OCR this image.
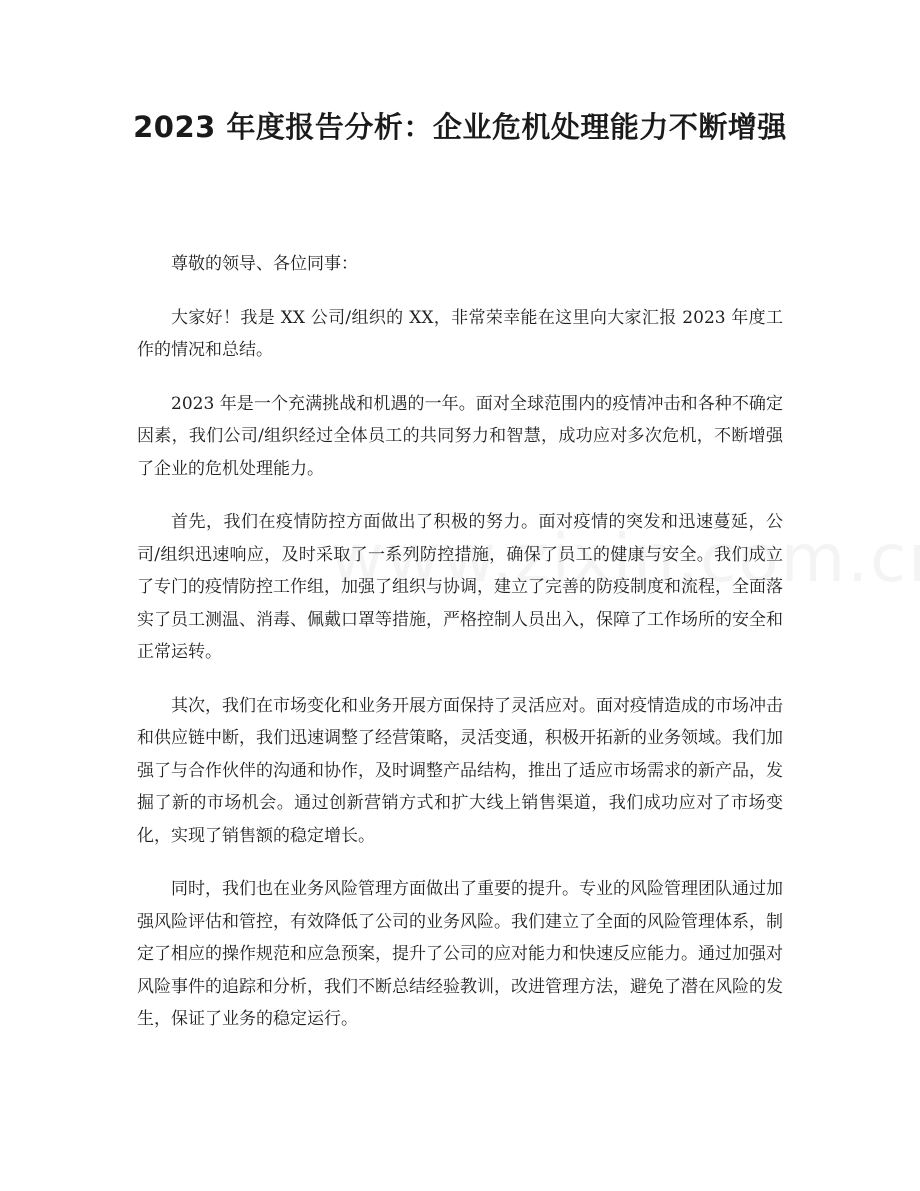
2023 年度报告分析：企业危机处理能力不断增强

尊敬的领导、各位同事：

大家好！我是 XX 公司/组织的 XX，非常荣幸能在这里向大家汇报 2023 年度工作的情况和总结。

2023 年是一个充满挑战和机遇的一年。面对全球范围内的疫情冲击和各种不确定因素，我们公司/组织经过全体员工的共同努力和智慧，成功应对多次危机，不断增强了企业的危机处理能力。

首先，我们在疫情防控方面做出了积极的努力。面对疫情的突发和迅速蔓延，公司/组织迅速响应，及时采取了一系列防控措施，确保了员工的健康与安全。我们成立了专门的疫情防控工作组，加强了组织与协调，建立了完善的防疫制度和流程，全面落实了员工测温、消毒、佩戴口罩等措施，严格控制人员出入，保障了工作场所的安全和正常运转。

其次，我们在市场变化和业务开展方面保持了灵活应对。面对疫情造成的市场冲击和供应链中断，我们迅速调整了经营策略，灵活变通，积极开拓新的业务领域。我们加强了与合作伙伴的沟通和协作，及时调整产品结构，推出了适应市场需求的新产品，发掘了新的市场机会。通过创新营销方式和扩大线上销售渠道，我们成功应对了市场变化，实现了销售额的稳定增长。

同时，我们也在业务风险管理方面做出了重要的提升。专业的风险管理团队通过加强风险评估和管控，有效降低了公司的业务风险。我们建立了全面的风险管理体系，制定了相应的操作规范和应急预案，提升了公司的应对能力和快速反应能力。通过加强对风险事件的追踪和分析，我们不断总结经验教训，改进管理方法，避免了潜在风险的发生，保证了业务的稳定运行。
